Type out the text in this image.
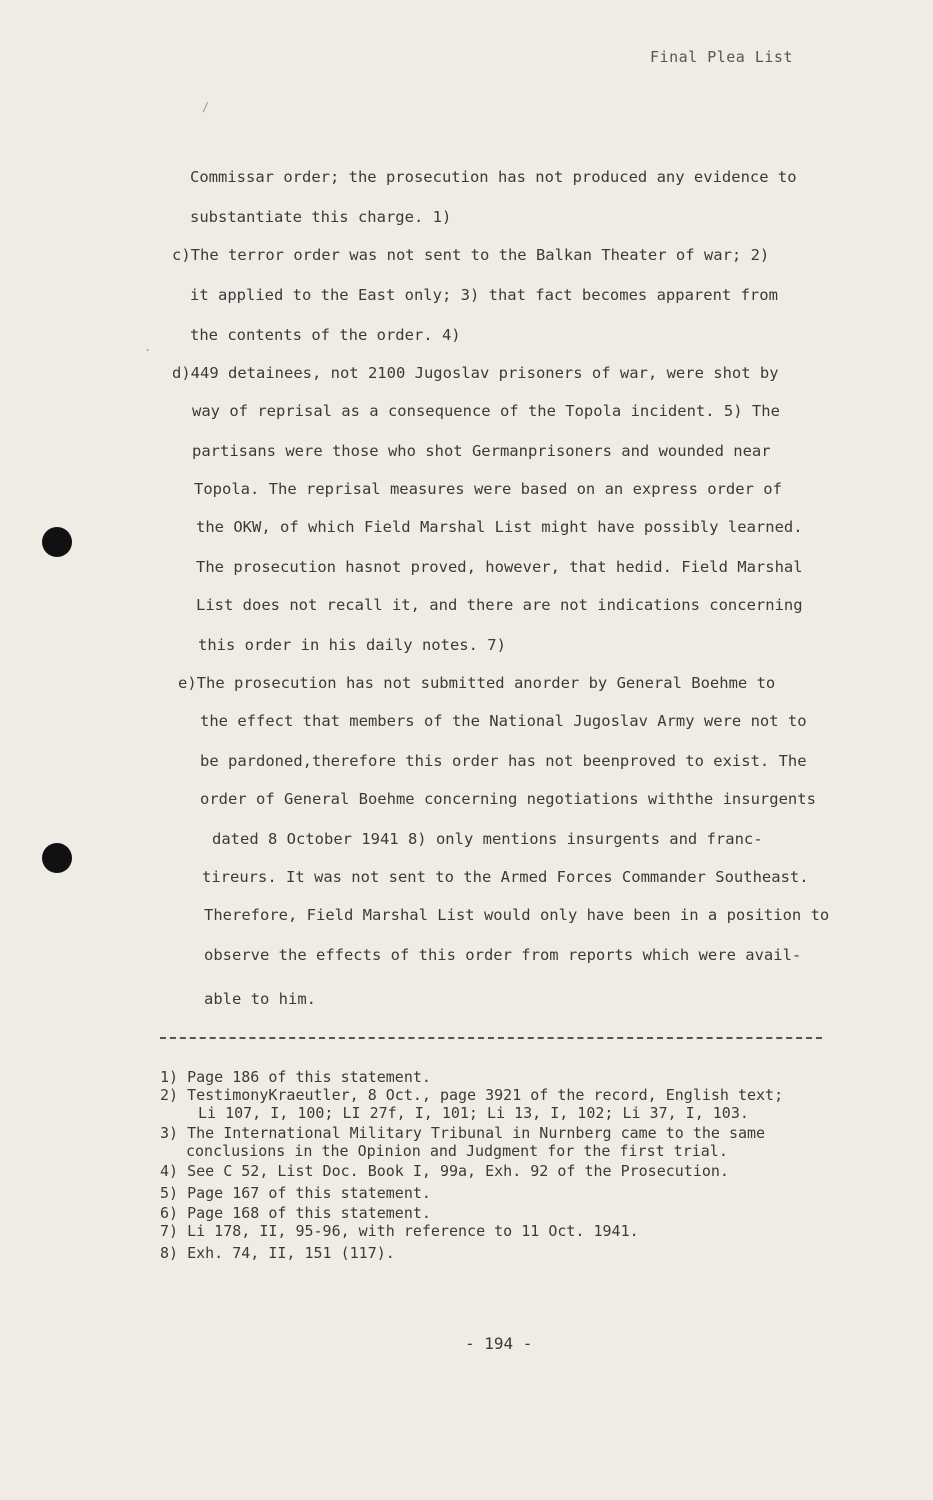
Final Plea List
Commissar order; the prosecution has not produced any evidence to
substantiate this charge. 1)
c)The terror order was not sent to the Balkan Theater of war; 2)
it applied to the East only; 3) that fact becomes apparent from
the contents of the order. 4)
d)449 detainees, not 2100 Jugoslav prisoners of war, were shot by
way of reprisal as a consequence of the Topola incident. 5) The
partisans were those who shot Germanprisoners and wounded near
Topola. The reprisal measures were based on an express order of
the OKW, of which Field Marshal List might have possibly learned.
The prosecution hasnot proved, however, that hedid. Field Marshal
List does not recall it, and there are not indications concerning
this order in his daily notes. 7)
e)The prosecution has not submitted anorder by General Boehme to
the effect that members of the National Jugoslav Army were not to
be pardoned,therefore this order has not beenproved to exist. The
order of General Boehme concerning negotiations withthe insurgents
dated 8 October 1941 8) only mentions insurgents and franc-
tireurs. It was not sent to the Armed Forces Commander Southeast.
Therefore, Field Marshal List would only have been in a position to
observe the effects of this order from reports which were avail-
able to him.
1) Page 186 of this statement.
2) TestimonyKraeutler, 8 Oct., page 3921 of the record, English text;
Li 107, I, 100; LI 27f, I, 101; Li 13, I, 102; Li 37, I, 103.
3) The International Military Tribunal in Nurnberg came to the same
conclusions in the Opinion and Judgment for the first trial.
4) See C 52, List Doc. Book I, 99a, Exh. 92 of the Prosecution.
5) Page 167 of this statement.
6) Page 168 of this statement.
7) Li 178, II, 95-96, with reference to 11 Oct. 1941.
8) Exh. 74, II, 151 (117).
- 194 -
/
.
